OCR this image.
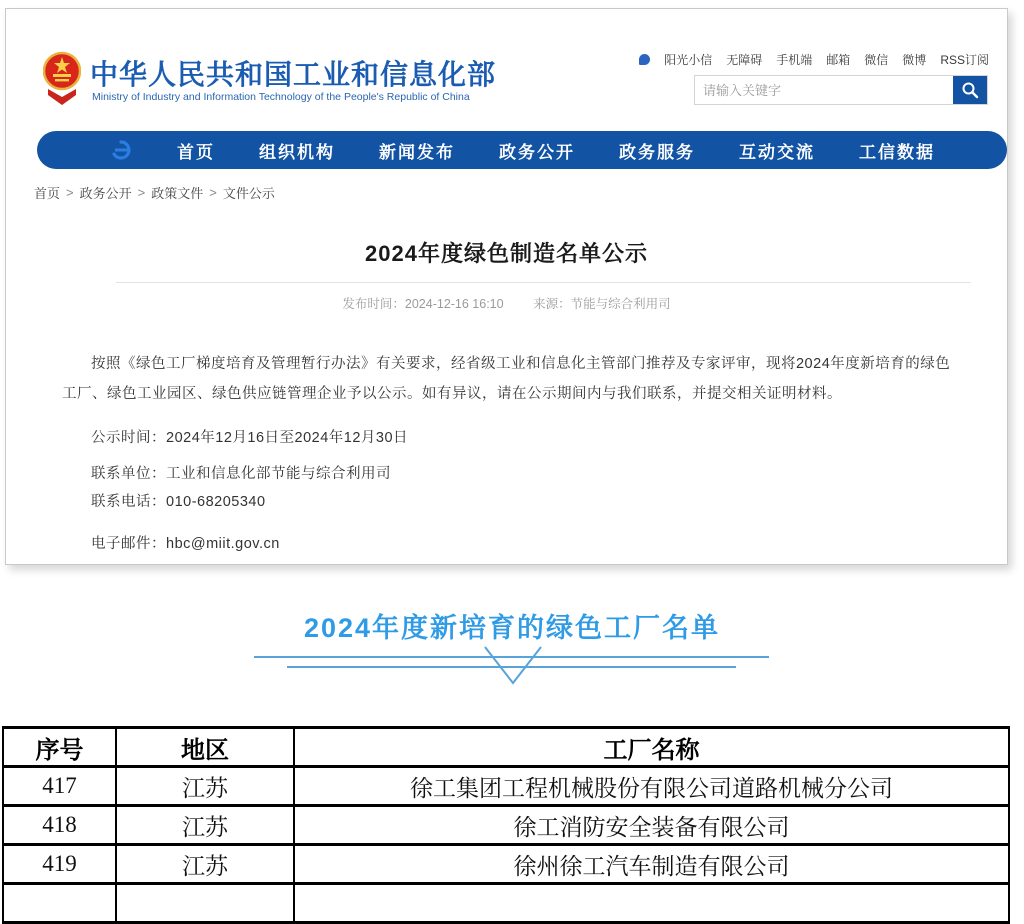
中华人民共和国工业和信息化部
Ministry of Industry and Information Technology of the People's Republic of China
阳光小信 无障碍 手机端 邮箱 微信 微博 RSS订阅
请输入关键字
首页	组织机构	新闻发布	政务公开	政务服务	互动交流	工信数据
首页 > 政务公开 > 政策文件 > 文件公示
2024年度绿色制造名单公示
发布时间：2024-12-16 16:10 来源：节能与综合利用司

按照《绿色工厂梯度培育及管理暂行办法》有关要求，经省级工业和信息化主管部门推荐及专家评审，现将2024年度新培育的绿色工厂、绿色工业园区、绿色供应链管理企业予以公示。如有异议，请在公示期间内与我们联系，并提交相关证明材料。

公示时间：2024年12月16日至2024年12月30日

联系单位：工业和信息化部节能与综合利用司

联系电话：010-68205340

电子邮件：hbc@miit.gov.cn

2024年度新培育的绿色工厂名单
序号	地区	工厂名称
417	江苏	徐工集团工程机械股份有限公司道路机械分公司
418	江苏	徐工消防安全装备有限公司
419	江苏	徐州徐工汽车制造有限公司
